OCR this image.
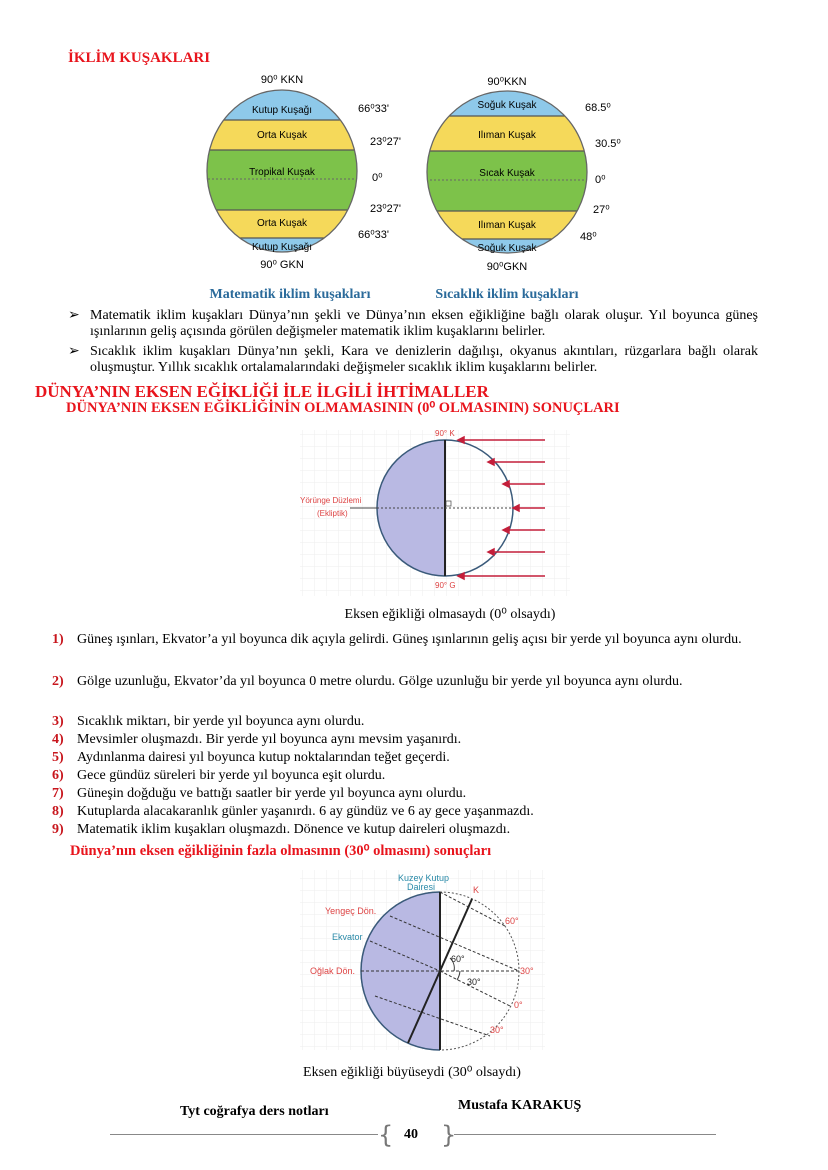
İKLİM KUŞAKLARI
90⁰ KKN
Kutup Kuşağı
Orta Kuşak
Tropikal Kuşak
Orta Kuşak
Kutup Kuşağı
90⁰ GKN
66⁰33'
23⁰27'
0⁰
23⁰27'
66⁰33'
90⁰KKN
Soğuk Kuşak
Ilıman Kuşak
Sıcak Kuşak
Ilıman Kuşak
Soğuk Kuşak
90⁰GKN
68.5⁰
30.5⁰
0⁰
27⁰
48⁰
Matematik iklim kuşakları	Sıcaklık iklim kuşakları
➢ Matematik iklim kuşakları Dünya’nın şekli ve Dünya’nın eksen eğikliğine bağlı olarak oluşur. Yıl boyunca güneş ışınlarının geliş açısında görülen değişmeler matematik iklim kuşaklarını belirler.
➢ Sıcaklık iklim kuşakları Dünya’nın şekli, Kara ve denizlerin dağılışı, okyanus akıntıları, rüzgarlara bağlı olarak oluşmuştur. Yıllık sıcaklık ortalamalarındaki değişmeler sıcaklık iklim kuşaklarını belirler.
DÜNYA’NIN EKSEN EĞİKLİĞİ İLE İLGİLİ İHTİMALLER
DÜNYA’NIN EKSEN EĞİKLİĞİNİN OLMAMASININ (0⁰ OLMASININ) SONUÇLARI
90° K
90° G
Yörünge Düzlemi
(Ekliptik)
Eksen eğikliği olmasaydı (0⁰ olsaydı)
1) Güneş ışınları, Ekvator’a yıl boyunca dik açıyla gelirdi. Güneş ışınlarının geliş açısı bir yerde yıl boyunca aynı olurdu.
2) Gölge uzunluğu, Ekvator’da yıl boyunca 0 metre olurdu. Gölge uzunluğu bir yerde yıl boyunca aynı olurdu.
3) Sıcaklık miktarı, bir yerde yıl boyunca aynı olurdu.
4) Mevsimler oluşmazdı. Bir yerde yıl boyunca aynı mevsim yaşanırdı.
5) Aydınlanma dairesi yıl boyunca kutup noktalarından teğet geçerdi.
6) Gece gündüz süreleri bir yerde yıl boyunca eşit olurdu.
7) Güneşin doğduğu ve battığı saatler bir yerde yıl boyunca aynı olurdu.
8) Kutuplarda alacakaranlık günler yaşanırdı. 6 ay gündüz ve 6 ay gece yaşanmazdı.
9) Matematik iklim kuşakları oluşmazdı. Dönence ve kutup daireleri oluşmazdı.
Dünya’nın eksen eğikliğinin fazla olmasının (30⁰ olmasını) sonuçları
Kuzey Kutup
Dairesi
Yengeç Dön.
Ekvator
Oğlak Dön.
K
60°
60°
30°
30°
0°
30°
Eksen eğikliği büyüseydi (30⁰ olsaydı)
Tyt coğrafya ders notları	Mustafa KARAKUŞ
{ }
40
